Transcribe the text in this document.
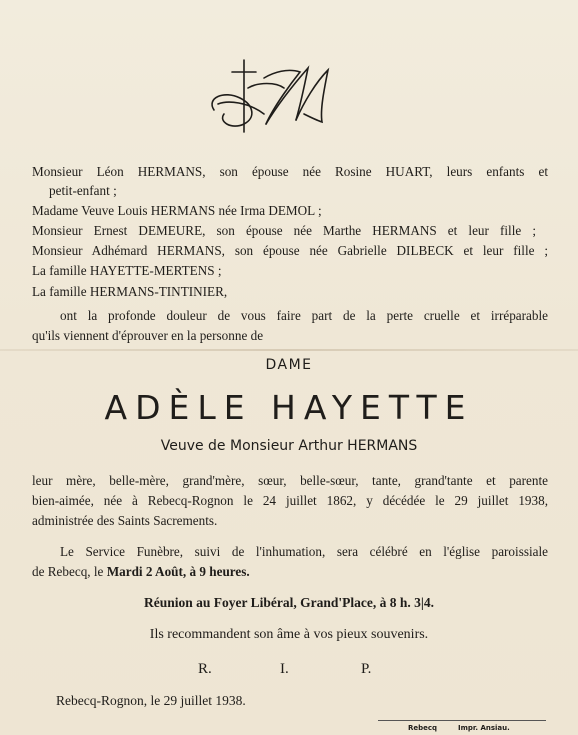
Monsieur Léon HERMANS, son épouse née Rosine HUART, leurs enfants et
petit-enfant ;
Madame Veuve Louis HERMANS née Irma DEMOL ;
Monsieur Ernest DEMEURE, son épouse née Marthe HERMANS et leur fille ;
Monsieur Adhémard HERMANS, son épouse née Gabrielle DILBECK et leur fille ;
La famille HAYETTE-MERTENS ;
La famille HERMANS-TINTINIER,
ont la profonde douleur de vous faire part de la perte cruelle et irréparable
qu'ils viennent d'éprouver en la personne de
DAME
ADÈLE HAYETTE
Veuve de Monsieur Arthur HERMANS
leur mère, belle-mère, grand'mère, sœur, belle-sœur, tante, grand'tante et parente
bien-aimée, née à Rebecq-Rognon le 24 juillet 1862, y décédée le 29 juillet 1938,
administrée des Saints Sacrements.
Le Service Funèbre, suivi de l'inhumation, sera célébré en l'église paroissiale
de Rebecq, le Mardi 2 Août, à 9 heures.
Réunion au Foyer Libéral, Grand'Place, à 8 h. 3|4.
Ils recommandent son âme à vos pieux souvenirs.
R.	I.	P.
Rebecq-Rognon, le 29 juillet 1938.
Rebecq	Impr. Ansiau.
